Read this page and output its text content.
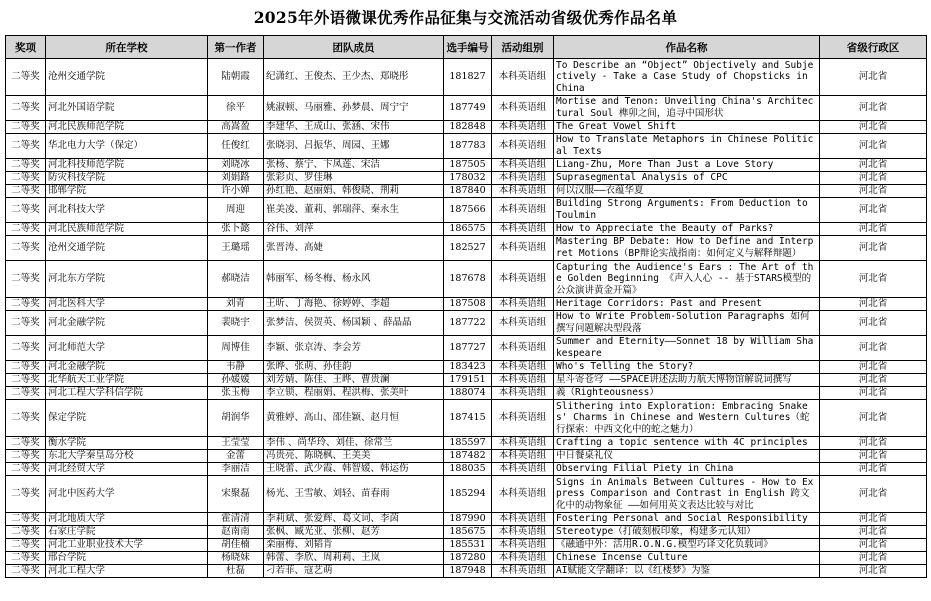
2025年外语微课优秀作品征集与交流活动省级优秀作品名单
奖项	所在学校	第一作者	团队成员	选手编号	活动组别	作品名称	省级行政区
二等奖	沧州交通学院	陆朝霞	纪潇红、王俊杰、王少杰、郑晓彤	181827	本科英语组	To Describe an “Object” Objectively and Subjectively - Take a Case Study of Chopsticks in China	河北省
二等奖	河北外国语学院	徐平	姚淑顿、马丽雅、孙梦晨、周宁宁	187749	本科英语组	Mortise and Tenon: Unveiling China's Architectural Soul 榫卯之间，追寻中国形状	河北省
二等奖	河北民族师范学院	高嵩盈	李建华、王成山、张涵、宋伟	182848	本科英语组	The Great Vowel Shift	河北省
二等奖	华北电力大学（保定）	任俊红	张晓羽、吕振华、周园、王娜	187783	本科英语组	How to Translate Metaphors in Chinese Political Texts	河北省
二等奖	河北科技师范学院	刘晓冰	张杨、蔡宁、卞凤莲、宋洁	187505	本科英语组	Liang-Zhu, More Than Just a Love Story	河北省
二等奖	防灾科技学院	刘娟路	张彩贞、罗佳琳	178032	本科英语组	Suprasegmental Analysis of CPC	河北省
二等奖	邯郸学院	许小婵	孙红艳、赵丽娟、韩俊晓、荆莉	187840	本科英语组	何以汉服——衣蕴华夏	河北省
二等奖	河北科技大学	周迎	崔美凌、董莉、郭瑞萍、秦永生	187566	本科英语组	Building Strong Arguments: From Deduction to Toulmin	河北省
二等奖	河北民族师范学院	张卜懿	谷伟、刘萍	186575	本科英语组	How to Appreciate the Beauty of Parks?	河北省
二等奖	沧州交通学院	王璐瑶	张晋涛、高婕	182527	本科英语组	Mastering BP Debate: How to Define and Interpret Motions（BP辩论实战指南：如何定义与解释辩题）	河北省
二等奖	河北东方学院	郝晓洁	韩丽军、杨冬梅、杨永风	187678	本科英语组	Capturing the Audience's Ears : The Art of the Golden Beginning 《声入人心 -- 基于STARS模型的公众演讲黄金开篇》	河北省
二等奖	河北医科大学	刘青	王昕、丁海艳、徐婷婷、李超	187508	本科英语组	Heritage Corridors: Past and Present	河北省
二等奖	河北金融学院	裴晓宇	张梦洁、侯贺英、杨国颖 、薛晶晶	187722	本科英语组	How to Write Problem-Solution Paragraphs 如何撰写问题解决型段落	河北省
二等奖	河北师范大学	周博佳	李颖、张京涛、李会芳	187727	本科英语组	Summer and Eternity——Sonnet 18 by William Shakespeare	河北省
二等奖	河北金融学院	韦静	张晔、张萌、孙佳韵	183423	本科英语组	Who's Telling the Story?	河北省
二等奖	北华航天工业学院	孙媛媛	刘芳婧、陈佳、王晔、曹贵澜	179151	本科英语组	星斗寄苍穹 ——SPACE讲述法助力航天博物馆解说词撰写	河北省
二等奖	河北工程大学科信学院	张玉梅	李立锁、程丽娟、程洪梅、张美叶	188074	本科英语组	義（Righteousness）	河北省
二等奖	保定学院	胡润华	黄雅婷、高山、邵佳颖、赵月恒	187415	本科英语组	Slithering into Exploration: Embracing Snakes' Charms in Chinese and Western Cultures（蛇行探索：中西文化中的蛇之魅力）	河北省
二等奖	衡水学院	王莹莹	李伟 、尚华玲、刘佳、徐常兰	185597	本科英语组	Crafting a topic sentence with 4C principles	河北省
二等奖	东北大学秦皇岛分校	金蕾	冯贵亮、陈晓枫、王美美	187482	本科英语组	中日餐桌礼仪	河北省
二等奖	河北经贸大学	李丽洁	王晓蕾、武少霞、韩智媛、韩运伤	188035	本科英语组	Observing Filial Piety in China	河北省
二等奖	河北中医药大学	宋聚磊	杨光、王雪敏、刘轻、苗春雨	185294	本科英语组	Signs in Animals Between Cultures - How to Express Comparison and Contrast in English 跨文化中的动物象征 ——如何用英文表达比较与对比	河北省
二等奖	河北地质大学	霍清清	李莉斌、张爱辉、葛文词、李茵	187990	本科英语组	Fostering Personal and Social Responsibility	河北省
二等奖	石家庄学院	赵南南	张枫、臧光亚、张柳、赵芳	185675	本科英语组	Stereotype（打破刻板印象，构建多元认知）	河北省
二等奖	河北工业职业技术大学	胡佳楠	栾丽梅、刘韬肯	185531	本科英语组	《融通中外：活用R.O.N.G.模型巧译文化负载词》	河北省
二等奖	邢台学院	杨晓妹	韩蕾、李欣、周莉莉、王岚	187280	本科英语组	Chinese Incense Culture	河北省
二等奖	河北工程大学	杜磊	刁若菲、寇艺萌	187948	本科英语组	AI赋能文学翻译：以《红楼梦》为鉴	河北省
